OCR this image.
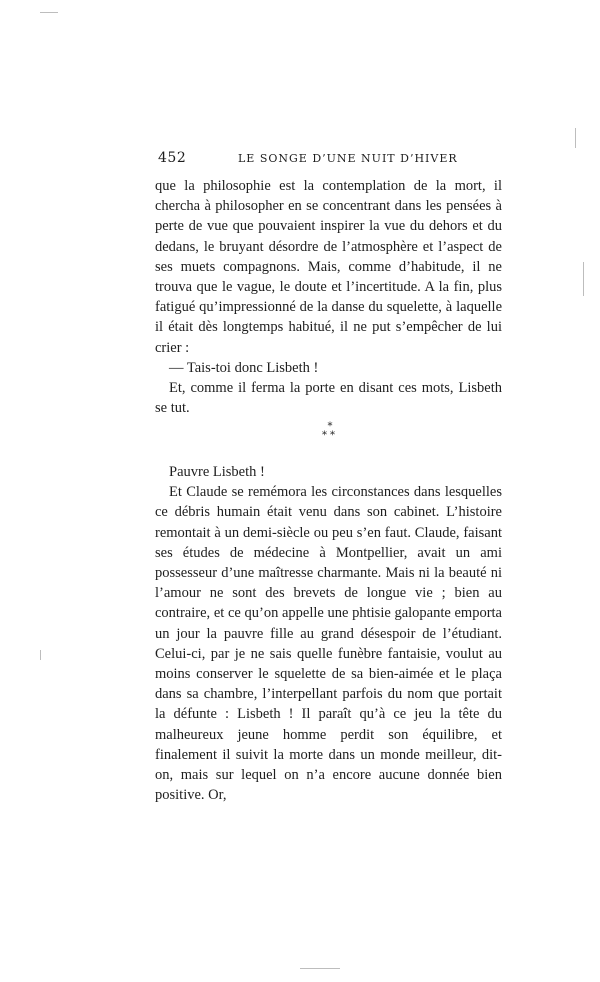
452	LE SONGE D’UNE NUIT D’HIVER

que la philosophie est la contemplation de la mort, il chercha à philosopher en se concentrant dans les pensées à perte de vue que pouvaient inspirer la vue du dehors et du dedans, le bruyant désordre de l’atmosphère et l’aspect de ses muets compagnons. Mais, comme d’habitude, il ne trouva que le vague, le doute et l’incertitude. A la fin, plus fatigué qu’impressionné de la danse du squelette, à laquelle il était dès longtemps habitué, il ne put s’empêcher de lui crier :

— Tais-toi donc Lisbeth !

Et, comme il ferma la porte en disant ces mots, Lisbeth se tut.

*
**

Pauvre Lisbeth !

Et Claude se remémora les circonstances dans lesquelles ce débris humain était venu dans son cabinet. L’histoire remontait à un demi-siècle ou peu s’en faut. Claude, faisant ses études de médecine à Montpellier, avait un ami possesseur d’une maîtresse charmante. Mais ni la beauté ni l’amour ne sont des brevets de longue vie ; bien au contraire, et ce qu’on appelle une phtisie galopante emporta un jour la pauvre fille au grand désespoir de l’étudiant. Celui-ci, par je ne sais quelle funèbre fantaisie, voulut au moins conserver le squelette de sa bien-aimée et le plaça dans sa chambre, l’interpellant parfois du nom que portait la défunte : Lisbeth ! Il paraît qu’à ce jeu la tête du malheureux jeune homme perdit son équilibre, et finalement il suivit la morte dans un monde meilleur, dit-on, mais sur lequel on n’a encore aucune donnée bien positive. Or,
